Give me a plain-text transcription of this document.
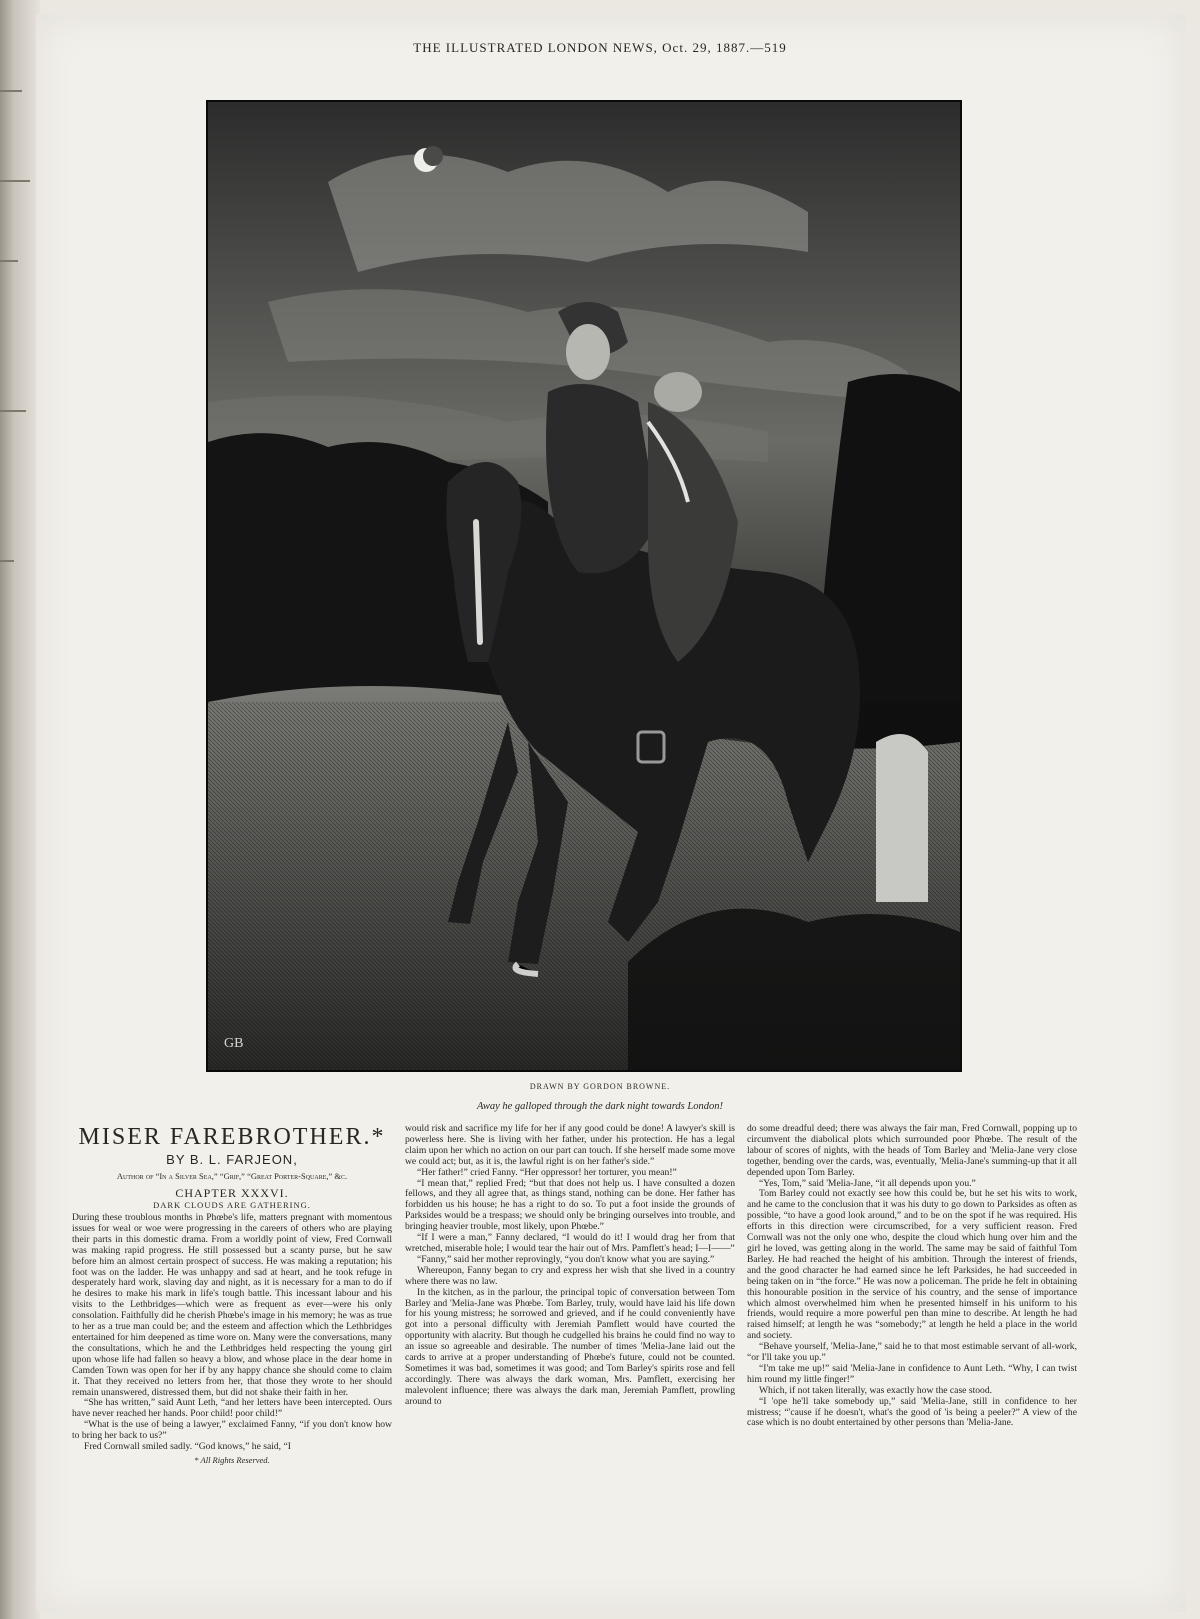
THE ILLUSTRATED LONDON NEWS, Oct. 29, 1887.—519
GB
DRAWN BY GORDON BROWNE.
Away he galloped through the dark night towards London!
MISER FAREBROTHER.*
BY B. L. FARJEON,
Author of “In a Silver Sea,” “Grif,” “Great Porter-Square,” &c.
CHAPTER XXXVI.
DARK CLOUDS ARE GATHERING.

During these troublous months in Phœbe's life, matters pregnant with momentous issues for weal or woe were progressing in the careers of others who are playing their parts in this domestic drama. From a worldly point of view, Fred Cornwall was making rapid progress. He still possessed but a scanty purse, but he saw before him an almost certain prospect of success. He was making a reputation; his foot was on the ladder. He was unhappy and sad at heart, and he took refuge in desperately hard work, slaving day and night, as it is necessary for a man to do if he desires to make his mark in life's tough battle. This incessant labour and his visits to the Lethbridges—which were as frequent as ever—were his only consolation. Faithfully did he cherish Phœbe's image in his memory; he was as true to her as a true man could be; and the esteem and affection which the Lethbridges entertained for him deepened as time wore on. Many were the conversations, many the consultations, which he and the Lethbridges held respecting the young girl upon whose life had fallen so heavy a blow, and whose place in the dear home in Camden Town was open for her if by any happy chance she should come to claim it. That they received no letters from her, that those they wrote to her should remain unanswered, distressed them, but did not shake their faith in her.

“She has written,” said Aunt Leth, “and her letters have been intercepted. Ours have never reached her hands. Poor child! poor child!”

“What is the use of being a lawyer,” exclaimed Fanny, “if you don't know how to bring her back to us?”

Fred Cornwall smiled sadly. “God knows,” he said, “I

* All Rights Reserved.

would risk and sacrifice my life for her if any good could be done! A lawyer's skill is powerless here. She is living with her father, under his protection. He has a legal claim upon her which no action on our part can touch. If she herself made some move we could act; but, as it is, the lawful right is on her father's side.”

“Her father!” cried Fanny. “Her oppressor! her torturer, you mean!”

“I mean that,” replied Fred; “but that does not help us. I have consulted a dozen fellows, and they all agree that, as things stand, nothing can be done. Her father has forbidden us his house; he has a right to do so. To put a foot inside the grounds of Parksides would be a trespass; we should only be bringing ourselves into trouble, and bringing heavier trouble, most likely, upon Phœbe.”

“If I were a man,” Fanny declared, “I would do it! I would drag her from that wretched, miserable hole; I would tear the hair out of Mrs. Pamflett's head; I—I——”

“Fanny,” said her mother reprovingly, “you don't know what you are saying.”

Whereupon, Fanny began to cry and express her wish that she lived in a country where there was no law.

In the kitchen, as in the parlour, the principal topic of conversation between Tom Barley and 'Melia-Jane was Phœbe. Tom Barley, truly, would have laid his life down for his young mistress; he sorrowed and grieved, and if he could conveniently have got into a personal difficulty with Jeremiah Pamflett would have courted the opportunity with alacrity. But though he cudgelled his brains he could find no way to an issue so agreeable and desirable. The number of times 'Melia-Jane laid out the cards to arrive at a proper understanding of Phœbe's future, could not be counted. Sometimes it was bad, sometimes it was good; and Tom Barley's spirits rose and fell accordingly. There was always the dark woman, Mrs. Pamflett, exercising her malevolent influence; there was always the dark man, Jeremiah Pamflett, prowling around to

do some dreadful deed; there was always the fair man, Fred Cornwall, popping up to circumvent the diabolical plots which surrounded poor Phœbe. The result of the labour of scores of nights, with the heads of Tom Barley and 'Melia-Jane very close together, bending over the cards, was, eventually, 'Melia-Jane's summing-up that it all depended upon Tom Barley.

“Yes, Tom,” said 'Melia-Jane, “it all depends upon you.”

Tom Barley could not exactly see how this could be, but he set his wits to work, and he came to the conclusion that it was his duty to go down to Parksides as often as possible, “to have a good look around,” and to be on the spot if he was required. His efforts in this direction were circumscribed, for a very sufficient reason. Fred Cornwall was not the only one who, despite the cloud which hung over him and the girl he loved, was getting along in the world. The same may be said of faithful Tom Barley. He had reached the height of his ambition. Through the interest of friends, and the good character he had earned since he left Parksides, he had succeeded in being taken on in “the force.” He was now a policeman. The pride he felt in obtaining this honourable position in the service of his country, and the sense of importance which almost overwhelmed him when he presented himself in his uniform to his friends, would require a more powerful pen than mine to describe. At length he had raised himself; at length he was “somebody;” at length he held a place in the world and society.

“Behave yourself, 'Melia-Jane,” said he to that most estimable servant of all-work, “or I'll take you up.”

“I'm take me up!” said 'Melia-Jane in confidence to Aunt Leth. “Why, I can twist him round my little finger!”

Which, if not taken literally, was exactly how the case stood.

“I 'ope he'll take somebody up,” said 'Melia-Jane, still in confidence to her mistress; “'cause if he doesn't, what's the good of 'is being a peeler?” A view of the case which is no doubt entertained by other persons than 'Melia-Jane.
